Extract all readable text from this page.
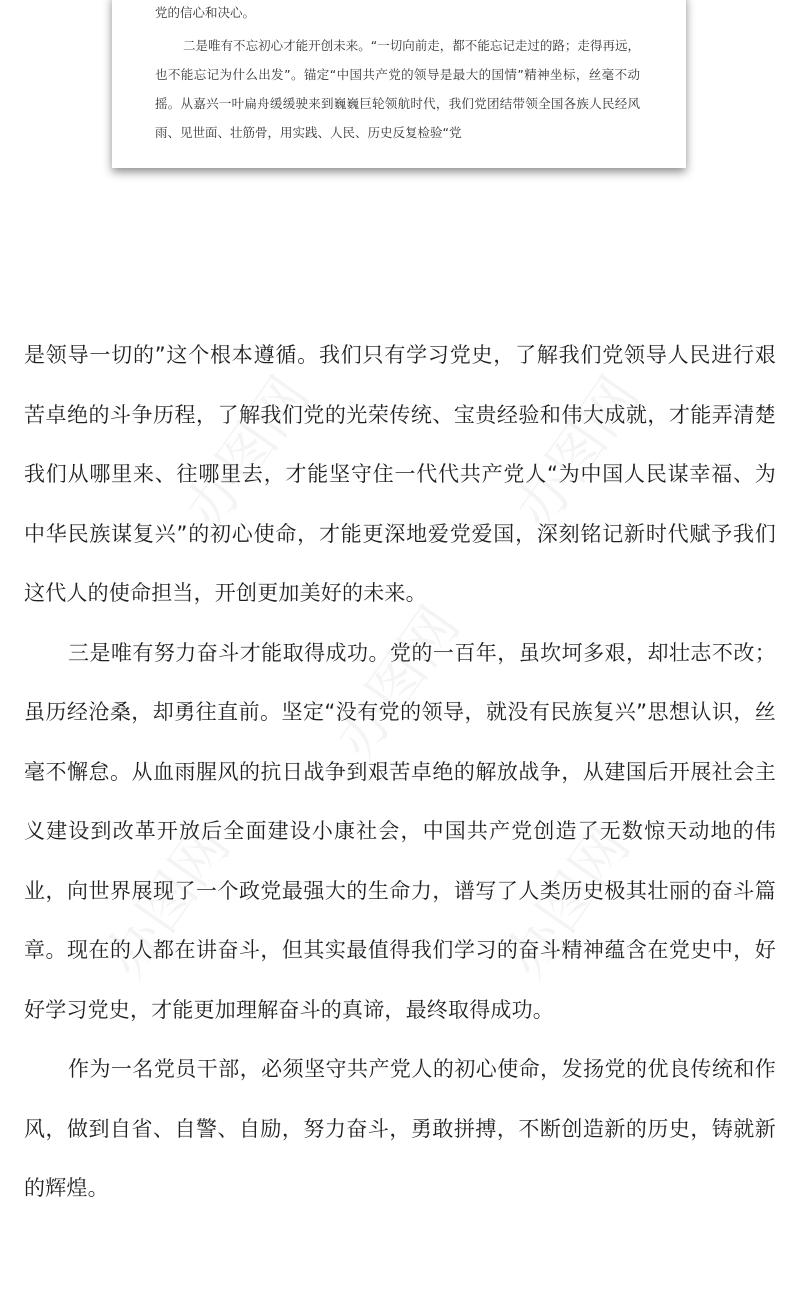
党的信心和决心。

二是唯有不忘初心才能开创未来。“一切向前走，都不能忘记走过的路；走得再远，也不能忘记为什么出发”。锚定“中国共产党的领导是最大的国情”精神坐标，丝毫不动摇。从嘉兴一叶扁舟缓缓驶来到巍巍巨轮领航时代，我们党团结带领全国各族人民经风雨、见世面、壮筋骨，用实践、人民、历史反复检验“党

是领导一切的”这个根本遵循。我们只有学习党史，了解我们党领导人民进行艰苦卓绝的斗争历程，了解我们党的光荣传统、宝贵经验和伟大成就，才能弄清楚我们从哪里来、往哪里去，才能坚守住一代代共产党人“为中国人民谋幸福、为中华民族谋复兴”的初心使命，才能更深地爱党爱国，深刻铭记新时代赋予我们这代人的使命担当，开创更加美好的未来。

三是唯有努力奋斗才能取得成功。党的一百年，虽坎坷多艰，却壮志不改；虽历经沧桑，却勇往直前。坚定“没有党的领导，就没有民族复兴”思想认识，丝毫不懈怠。从血雨腥风的抗日战争到艰苦卓绝的解放战争，从建国后开展社会主义建设到改革开放后全面建设小康社会，中国共产党创造了无数惊天动地的伟业，向世界展现了一个政党最强大的生命力，谱写了人类历史极其壮丽的奋斗篇章。现在的人都在讲奋斗，但其实最值得我们学习的奋斗精神蕴含在党史中，好好学习党史，才能更加理解奋斗的真谛，最终取得成功。

作为一名党员干部，必须坚守共产党人的初心使命，发扬党的优良传统和作风，做到自省、自警、自励，努力奋斗，勇敢拼搏，不断创造新的历史，铸就新的辉煌。
